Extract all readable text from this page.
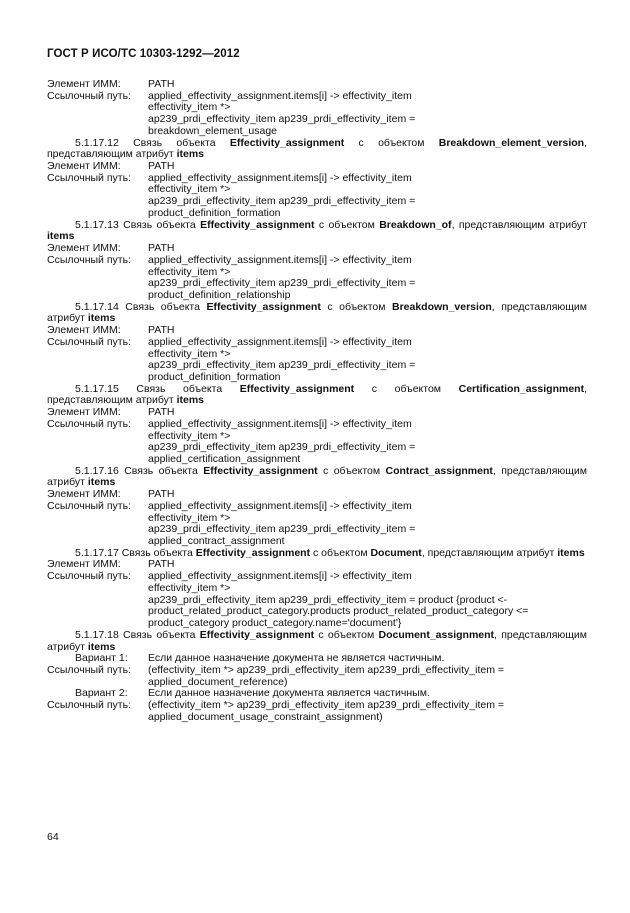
ГОСТ Р ИСО/ТС 10303-1292—2012
Элемент ИММ:	PATH
Ссылочный путь:	applied_effectivity_assignment.items[i] -> effectivity_item
effectivity_item *>
ap239_prdi_effectivity_item ap239_prdi_effectivity_item =
breakdown_element_usage
5.1.17.12 Связь объекта Effectivity_assignment с объектом Breakdown_element_version, представляющим атрибут items
Элемент ИММ:	PATH
Ссылочный путь:	applied_effectivity_assignment.items[i] -> effectivity_item
effectivity_item *>
ap239_prdi_effectivity_item ap239_prdi_effectivity_item =
product_definition_formation
5.1.17.13 Связь объекта Effectivity_assignment с объектом Breakdown_of, представляющим атрибут items
Элемент ИММ:	PATH
Ссылочный путь:	applied_effectivity_assignment.items[i] -> effectivity_item
effectivity_item *>
ap239_prdi_effectivity_item ap239_prdi_effectivity_item =
product_definition_relationship
5.1.17.14 Связь объекта Effectivity_assignment с объектом Breakdown_version, представляющим атрибут items
Элемент ИММ:	PATH
Ссылочный путь:	applied_effectivity_assignment.items[i] -> effectivity_item
effectivity_item *>
ap239_prdi_effectivity_item ap239_prdi_effectivity_item =
product_definition_formation
5.1.17.15 Связь объекта Effectivity_assignment с объектом Certification_assignment, представляющим атрибут items
Элемент ИММ:	PATH
Ссылочный путь:	applied_effectivity_assignment.items[i] -> effectivity_item
effectivity_item *>
ap239_prdi_effectivity_item ap239_prdi_effectivity_item =
applied_certification_assignment
5.1.17.16 Связь объекта Effectivity_assignment с объектом Contract_assignment, представляющим атрибут items
Элемент ИММ:	PATH
Ссылочный путь:	applied_effectivity_assignment.items[i] -> effectivity_item
effectivity_item *>
ap239_prdi_effectivity_item ap239_prdi_effectivity_item =
applied_contract_assignment
5.1.17.17 Связь объекта Effectivity_assignment с объектом Document, представляющим атрибут items
Элемент ИММ:	PATH
Ссылочный путь:	applied_effectivity_assignment.items[i] -> effectivity_item
effectivity_item *>
ap239_prdi_effectivity_item ap239_prdi_effectivity_item = product {product <-
product_related_product_category.products product_related_product_category <=
product_category product_category.name='document'}
5.1.17.18 Связь объекта Effectivity_assignment с объектом Document_assignment, представляющим атрибут items
Вариант 1:	Если данное назначение документа не является частичным.
Ссылочный путь:	(effectivity_item *> ap239_prdi_effectivity_item ap239_prdi_effectivity_item =
applied_document_reference)
Вариант 2:	Если данное назначение документа является частичным.
Ссылочный путь:	(effectivity_item *> ap239_prdi_effectivity_item ap239_prdi_effectivity_item =
applied_document_usage_constraint_assignment)
64
